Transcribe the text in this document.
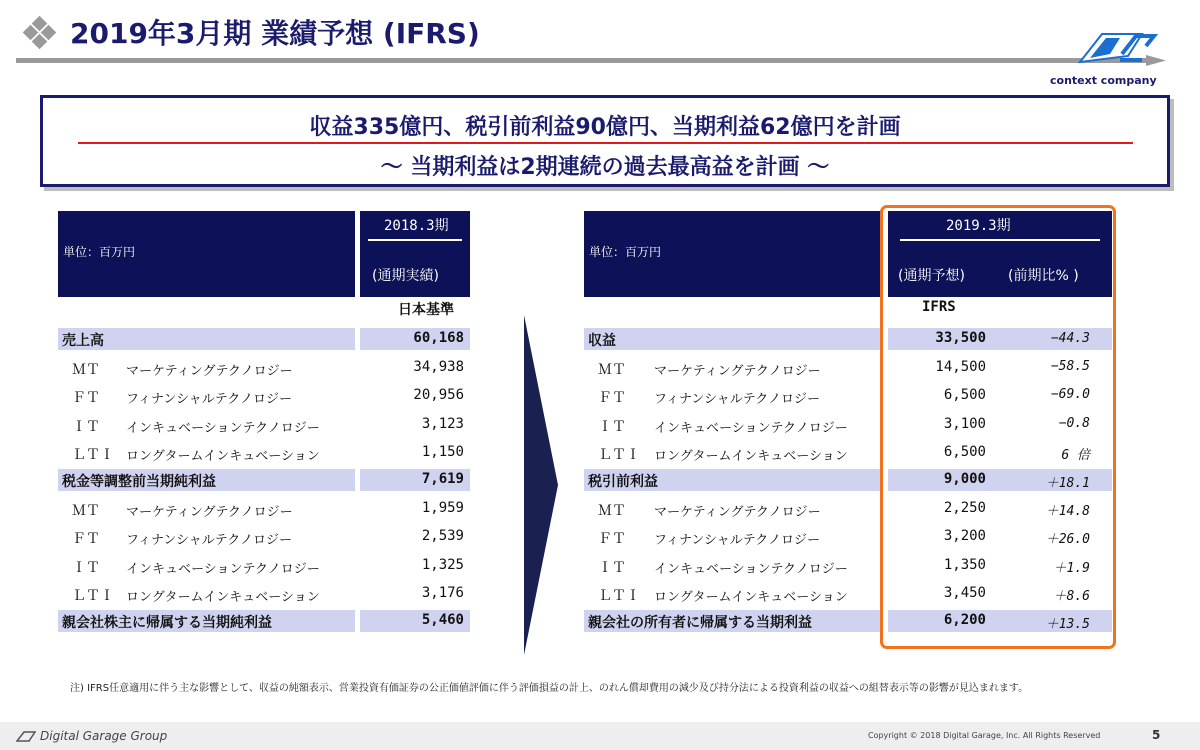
2019年3月期 業績予想 (IFRS)
context company
収益335億円、税引前利益90億円、当期利益62億円を計画
〜 当期利益は2期連続の過去最高益を計画 〜
単位：百万円
2018.3期
(通期実績)
日本基準
売上高	60,168
ＭＴ マーケティングテクノロジー	34,938
ＦＴ フィナンシャルテクノロジー	20,956
ＩＴ インキュベーションテクノロジー	3,123
ＬＴＩ ロングタームインキュベーション	1,150
税金等調整前当期純利益	7,619
ＭＴ マーケティングテクノロジー	1,959
ＦＴ フィナンシャルテクノロジー	2,539
ＩＴ インキュベーションテクノロジー	1,325
ＬＴＩ ロングタームインキュベーション	3,176
親会社株主に帰属する当期純利益	5,460
単位：百万円
2019.3期
(通期予想)	(前期比% )
IFRS
収益	33,500	−44.3
ＭＴ マーケティングテクノロジー	14,500	−58.5
ＦＴ フィナンシャルテクノロジー	6,500	−69.0
ＩＴ インキュベーションテクノロジー	3,100	−0.8
ＬＴＩ ロングタームインキュベーション	6,500	6 倍
税引前利益	9,000	＋18.1
ＭＴ マーケティングテクノロジー	2,250	＋14.8
ＦＴ フィナンシャルテクノロジー	3,200	＋26.0
ＩＴ インキュベーションテクノロジー	1,350	＋1.9
ＬＴＩ ロングタームインキュベーション	3,450	＋8.6
親会社の所有者に帰属する当期利益	6,200	＋13.5
注) IFRS任意適用に伴う主な影響として、収益の純額表示、営業投資有価証券の公正価値評価に伴う評価損益の計上、のれん償却費用の減少及び持分法による投資利益の収益への組替表示等の影響が見込まれます。
Digital Garage Group	Copyright © 2018 Digital Garage, Inc. All Rights Reserved	5
